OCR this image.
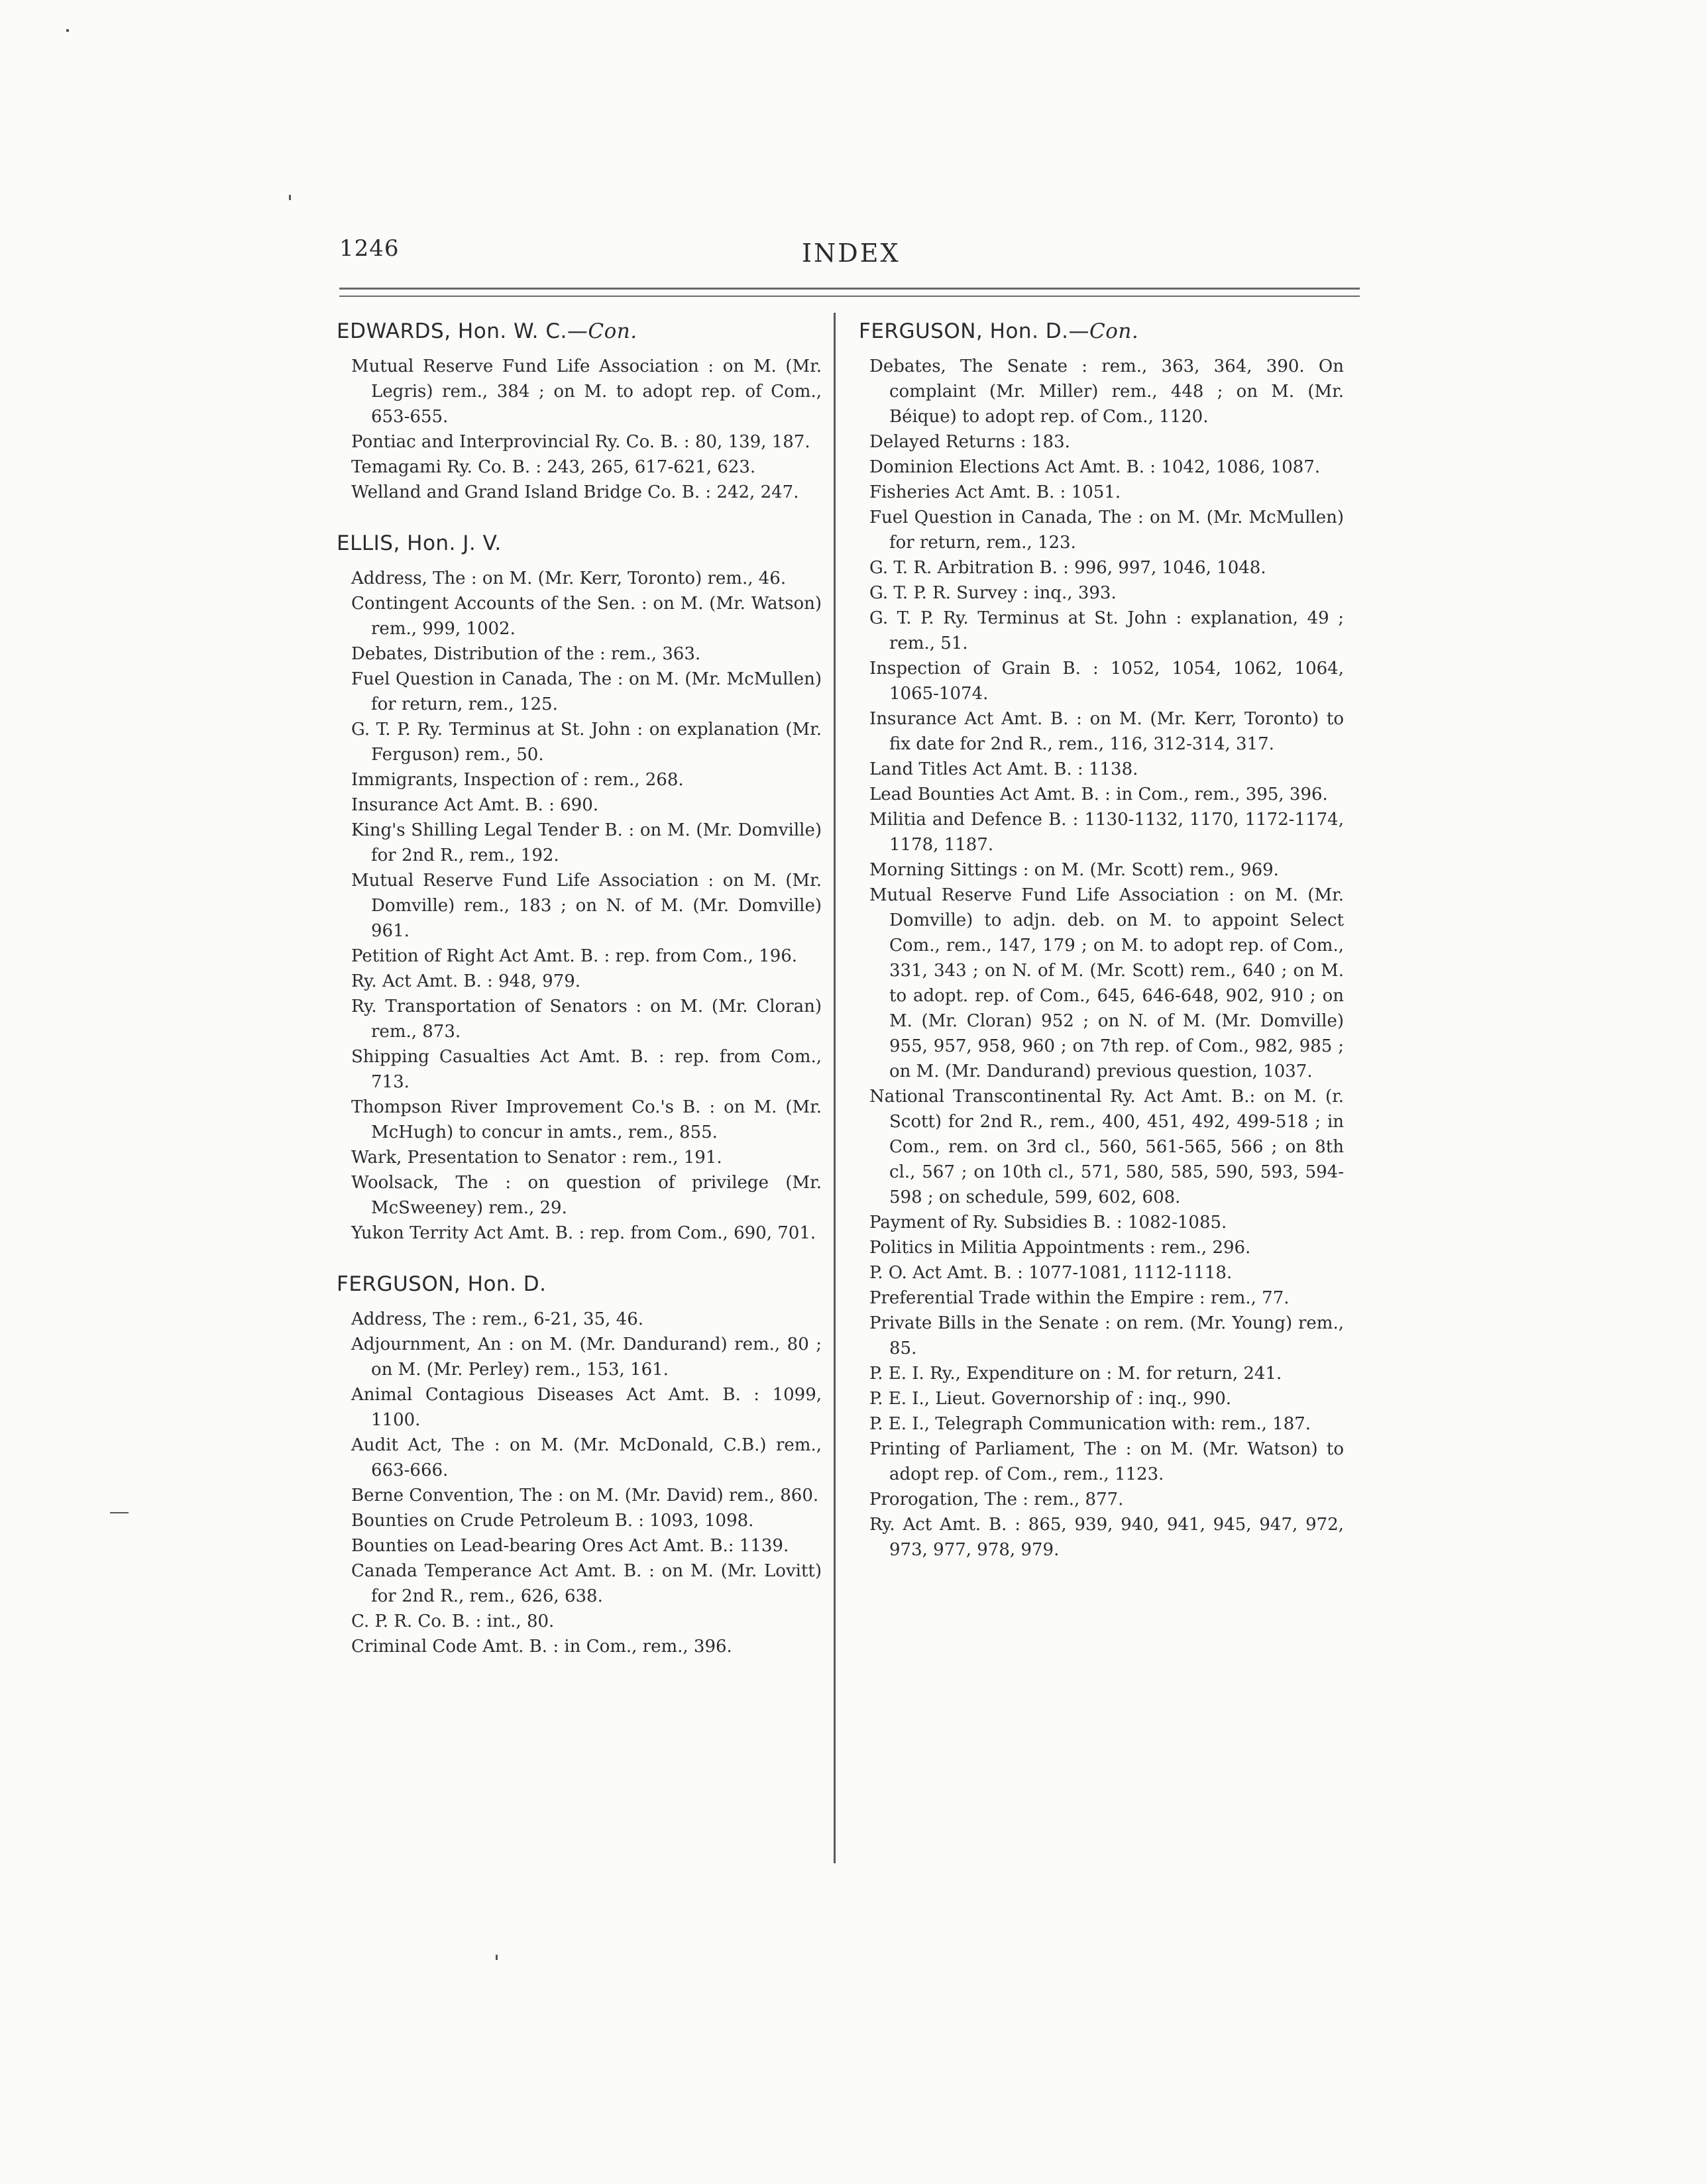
1246	INDEX
EDWARDS, Hon. W. C.—Con.
Mutual Reserve Fund Life Association : on M. (Mr. Legris) rem., 384 ; on M. to adopt rep. of Com., 653-655.
Pontiac and Interprovincial Ry. Co. B. : 80, 139, 187.
Temagami Ry. Co. B. : 243, 265, 617-621, 623.
Welland and Grand Island Bridge Co. B. : 242, 247.
ELLIS, Hon. J. V.
Address, The : on M. (Mr. Kerr, Toronto) rem., 46.
Contingent Accounts of the Sen. : on M. (Mr. Watson) rem., 999, 1002.
Debates, Distribution of the : rem., 363.
Fuel Question in Canada, The : on M. (Mr. McMullen) for return, rem., 125.
G. T. P. Ry. Terminus at St. John : on explanation (Mr. Ferguson) rem., 50.
Immigrants, Inspection of : rem., 268.
Insurance Act Amt. B. : 690.
King's Shilling Legal Tender B. : on M. (Mr. Domville) for 2nd R., rem., 192.
Mutual Reserve Fund Life Association : on M. (Mr. Domville) rem., 183 ; on N. of M. (Mr. Domville) 961.
Petition of Right Act Amt. B. : rep. from Com., 196.
Ry. Act Amt. B. : 948, 979.
Ry. Transportation of Senators : on M. (Mr. Cloran) rem., 873.
Shipping Casualties Act Amt. B. : rep. from Com., 713.
Thompson River Improvement Co.'s B. : on M. (Mr. McHugh) to concur in amts., rem., 855.
Wark, Presentation to Senator : rem., 191.
Woolsack, The : on question of privilege (Mr. McSweeney) rem., 29.
Yukon Territy Act Amt. B. : rep. from Com., 690, 701.
FERGUSON, Hon. D.
Address, The : rem., 6-21, 35, 46.
Adjournment, An : on M. (Mr. Dandurand) rem., 80 ; on M. (Mr. Perley) rem., 153, 161.
Animal Contagious Diseases Act Amt. B. : 1099, 1100.
Audit Act, The : on M. (Mr. McDonald, C.B.) rem., 663-666.
Berne Convention, The : on M. (Mr. David) rem., 860.
Bounties on Crude Petroleum B. : 1093, 1098.
Bounties on Lead-bearing Ores Act Amt. B.: 1139.
Canada Temperance Act Amt. B. : on M. (Mr. Lovitt) for 2nd R., rem., 626, 638.
C. P. R. Co. B. : int., 80.
Criminal Code Amt. B. : in Com., rem., 396.
FERGUSON, Hon. D.—Con.
Debates, The Senate : rem., 363, 364, 390. On complaint (Mr. Miller) rem., 448 ; on M. (Mr. Béique) to adopt rep. of Com., 1120.
Delayed Returns : 183.
Dominion Elections Act Amt. B. : 1042, 1086, 1087.
Fisheries Act Amt. B. : 1051.
Fuel Question in Canada, The : on M. (Mr. McMullen) for return, rem., 123.
G. T. R. Arbitration B. : 996, 997, 1046, 1048.
G. T. P. R. Survey : inq., 393.
G. T. P. Ry. Terminus at St. John : explanation, 49 ; rem., 51.
Inspection of Grain B. : 1052, 1054, 1062, 1064, 1065-1074.
Insurance Act Amt. B. : on M. (Mr. Kerr, Toronto) to fix date for 2nd R., rem., 116, 312-314, 317.
Land Titles Act Amt. B. : 1138.
Lead Bounties Act Amt. B. : in Com., rem., 395, 396.
Militia and Defence B. : 1130-1132, 1170, 1172-1174, 1178, 1187.
Morning Sittings : on M. (Mr. Scott) rem., 969.
Mutual Reserve Fund Life Association : on M. (Mr. Domville) to adjn. deb. on M. to appoint Select Com., rem., 147, 179 ; on M. to adopt rep. of Com., 331, 343 ; on N. of M. (Mr. Scott) rem., 640 ; on M. to adopt. rep. of Com., 645, 646-648, 902, 910 ; on M. (Mr. Cloran) 952 ; on N. of M. (Mr. Domville) 955, 957, 958, 960 ; on 7th rep. of Com., 982, 985 ; on M. (Mr. Dandurand) previous question, 1037.
National Transcontinental Ry. Act Amt. B.: on M. (r. Scott) for 2nd R., rem., 400, 451, 492, 499-518 ; in Com., rem. on 3rd cl., 560, 561-565, 566 ; on 8th cl., 567 ; on 10th cl., 571, 580, 585, 590, 593, 594-598 ; on schedule, 599, 602, 608.
Payment of Ry. Subsidies B. : 1082-1085.
Politics in Militia Appointments : rem., 296.
P. O. Act Amt. B. : 1077-1081, 1112-1118.
Preferential Trade within the Empire : rem., 77.
Private Bills in the Senate : on rem. (Mr. Young) rem., 85.
P. E. I. Ry., Expenditure on : M. for return, 241.
P. E. I., Lieut. Governorship of : inq., 990.
P. E. I., Telegraph Communication with: rem., 187.
Printing of Parliament, The : on M. (Mr. Watson) to adopt rep. of Com., rem., 1123.
Prorogation, The : rem., 877.
Ry. Act Amt. B. : 865, 939, 940, 941, 945, 947, 972, 973, 977, 978, 979.
